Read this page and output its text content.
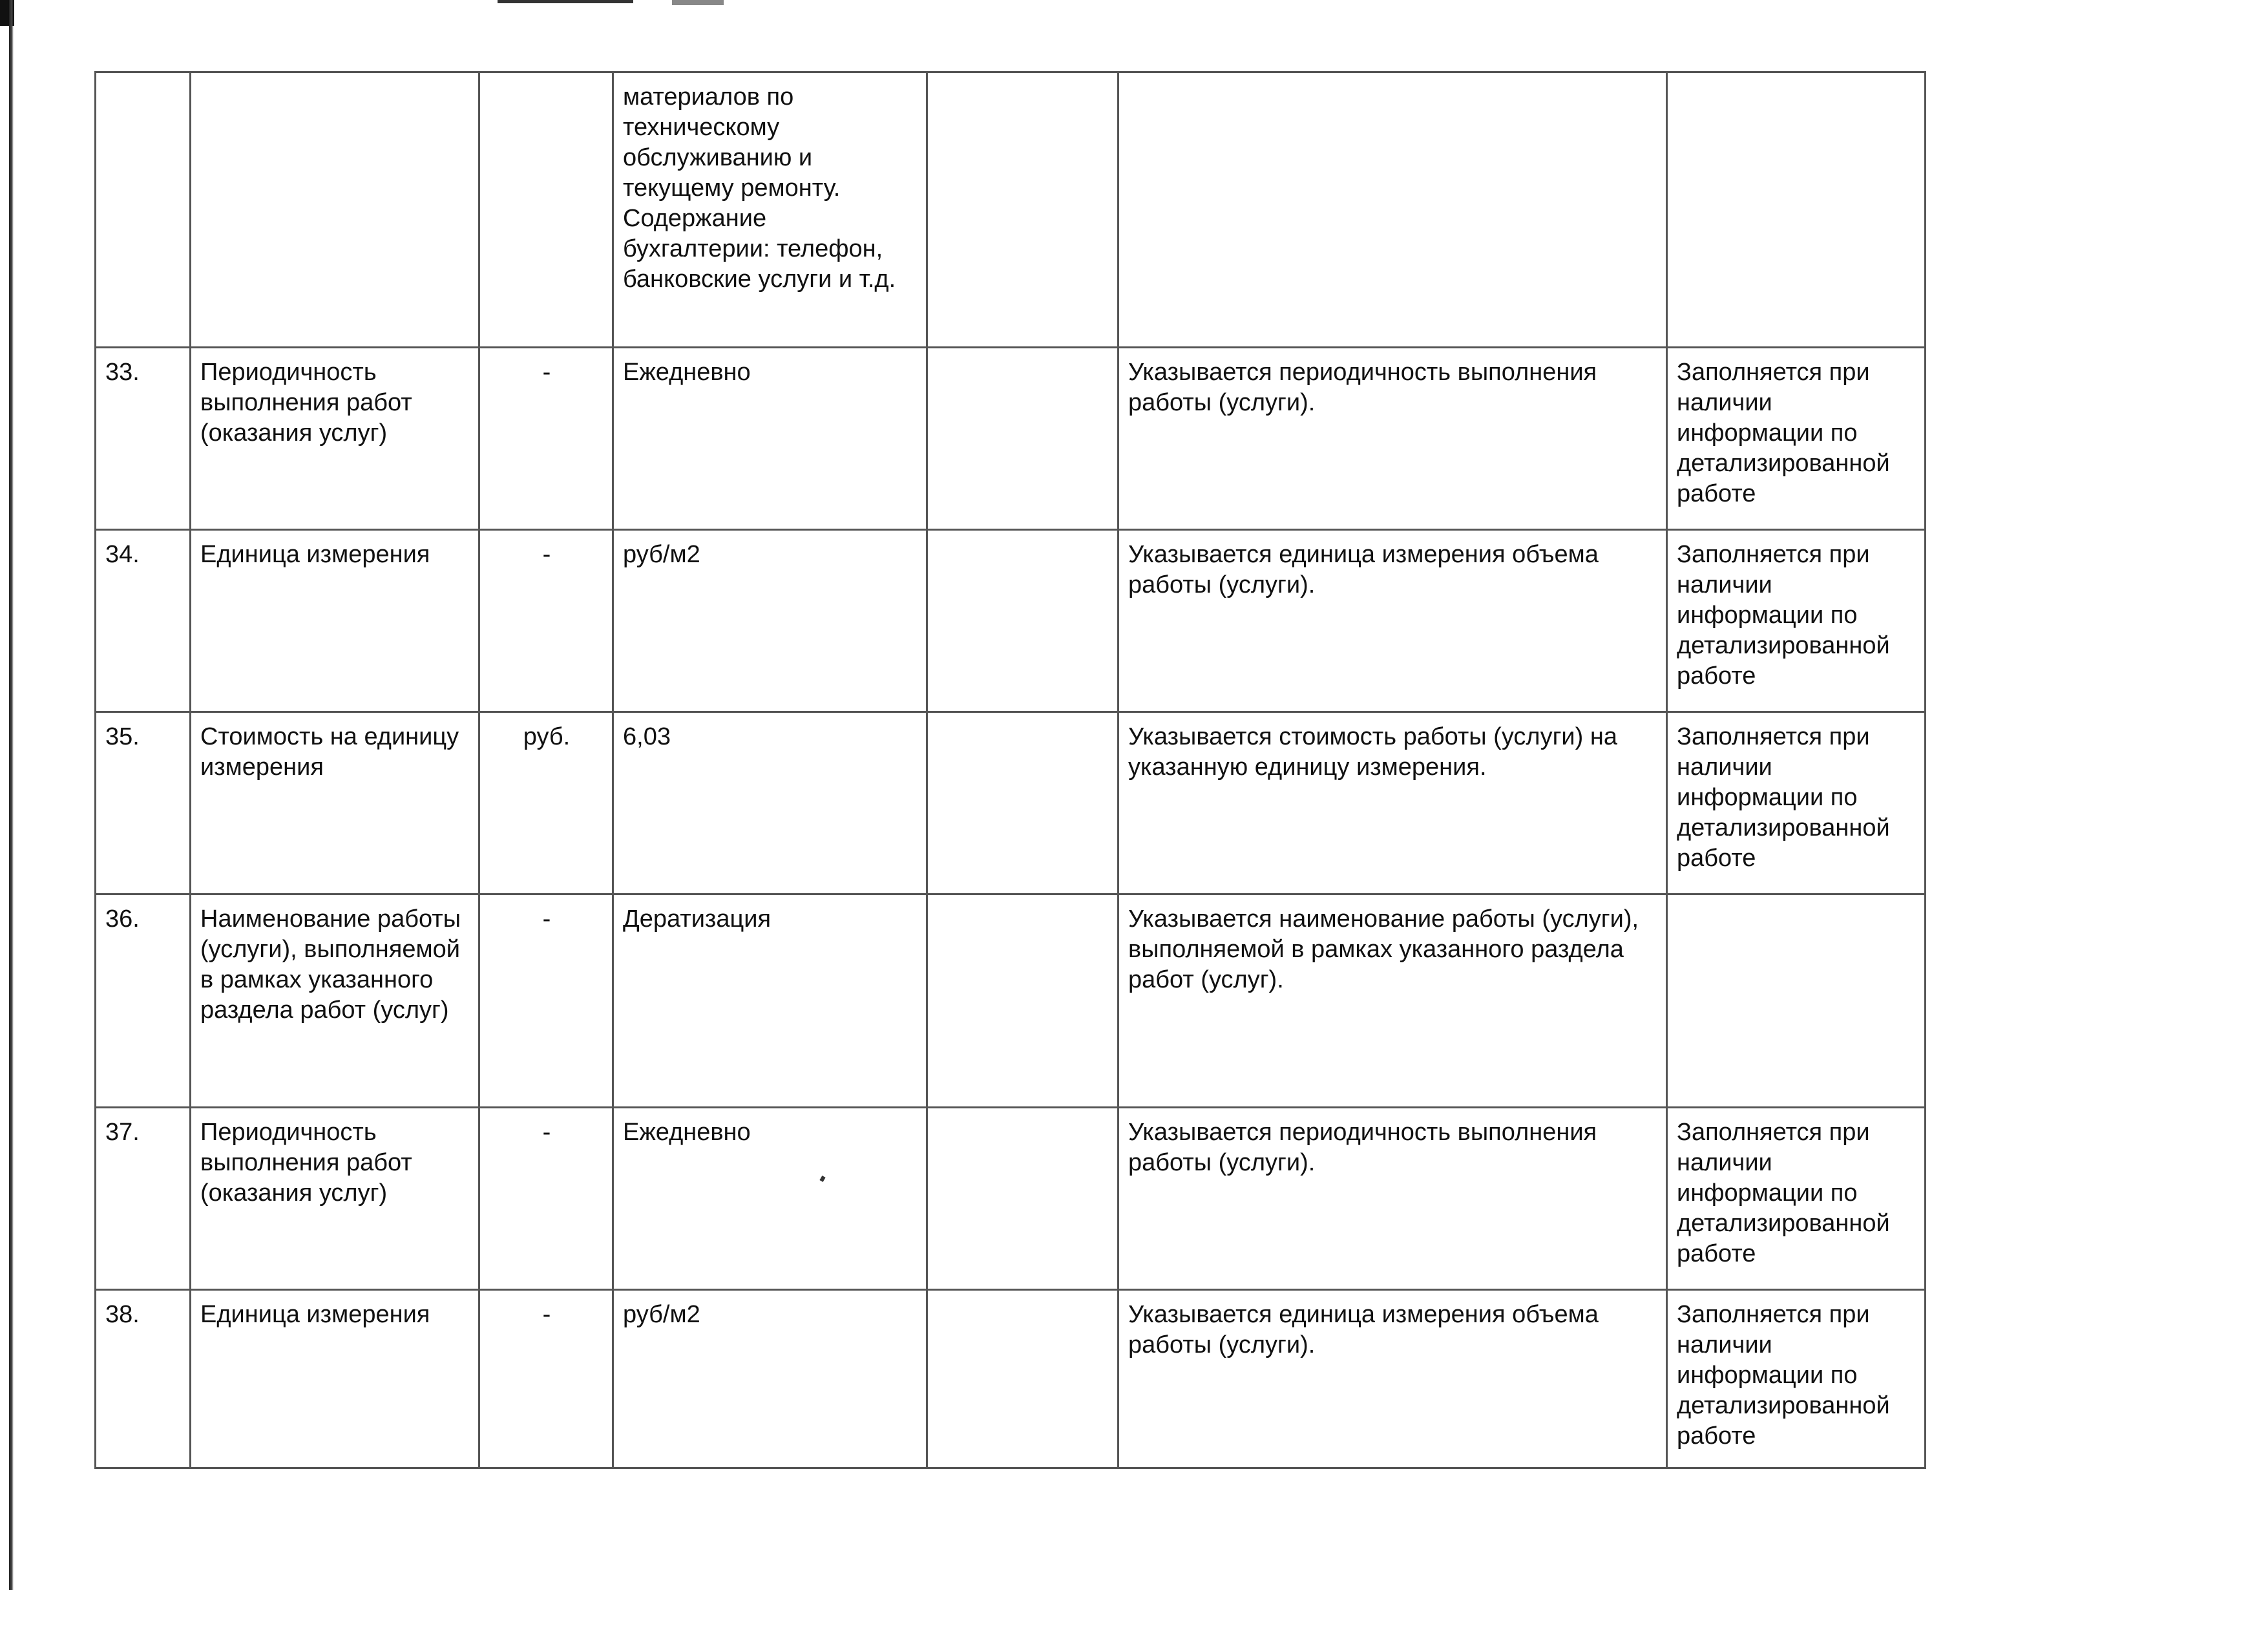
			материалов по техническому обслуживанию и текущему ремонту. Содержание бухгалтерии: телефон, банковские услуги и т.д.			
33.	Периодичность выполнения работ (оказания услуг)	-	Ежедневно		Указывается периодичность выполнения работы (услуги).	Заполняется при наличии информации по детализированной работе
34.	Единица измерения	-	руб/м2		Указывается единица измерения объема работы (услуги).	Заполняется при наличии информации по детализированной работе
35.	Стоимость на единицу измерения	руб.	6,03		Указывается стоимость работы (услуги) на указанную единицу измерения.	Заполняется при наличии информации по детализированной работе
36.	Наименование работы (услуги), выполняемой в рамках указанного раздела работ (услуг)	-	Дератизация		Указывается наименование работы (услуги), выполняемой в рамках указанного раздела работ (услуг).	
37.	Периодичность выполнения работ (оказания услуг)	-	Ежедневно		Указывается периодичность выполнения работы (услуги).	Заполняется при наличии информации по детализированной работе
38.	Единица измерения	-	руб/м2		Указывается единица измерения объема работы (услуги).	Заполняется при наличии информации по детализированной работе
